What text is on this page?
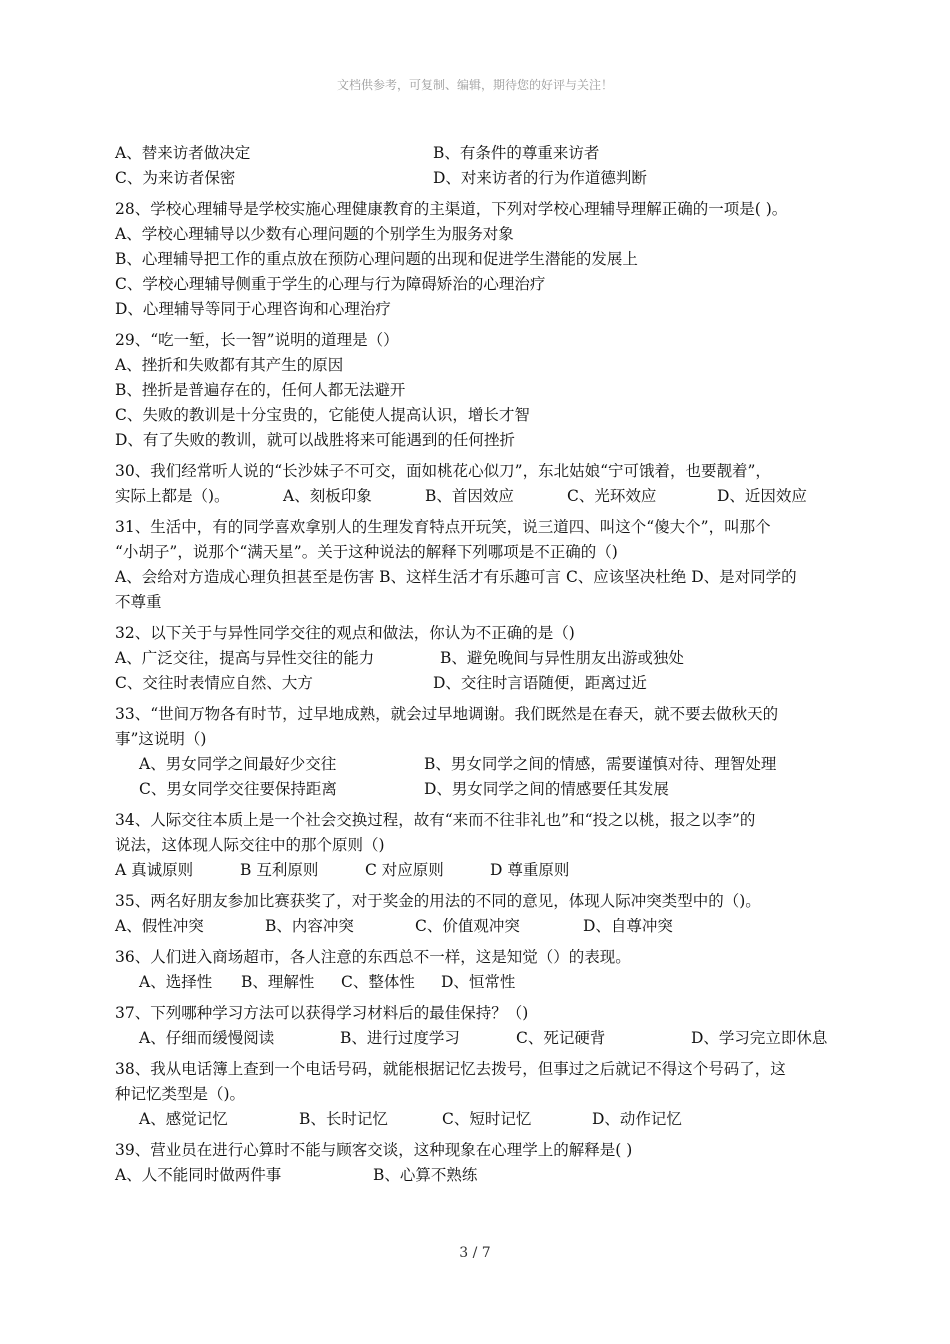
文档供参考，可复制、编辑，期待您的好评与关注！
A、替来访者做决定	B、有条件的尊重来访者
C、为来访者保密	D、对来访者的行为作道德判断
28、学校心理辅导是学校实施心理健康教育的主渠道，下列对学校心理辅导理解正确的一项是( )。
A、学校心理辅导以少数有心理问题的个别学生为服务对象
B、心理辅导把工作的重点放在预防心理问题的出现和促进学生潜能的发展上
C、学校心理辅导侧重于学生的心理与行为障碍矫治的心理治疗
D、心理辅导等同于心理咨询和心理治疗
29、“吃一堑，长一智”说明的道理是（）
A、挫折和失败都有其产生的原因
B、挫折是普遍存在的，任何人都无法避开
C、失败的教训是十分宝贵的，它能使人提高认识，增长才智
D、有了失败的教训，就可以战胜将来可能遇到的任何挫折
30、我们经常听人说的“长沙妹子不可交，面如桃花心似刀”，东北姑娘“宁可饿着，也要靓着”，
实际上都是（)。	A、刻板印象	B、首因效应	C、光环效应	D、近因效应
31、生活中，有的同学喜欢拿别人的生理发育特点开玩笑，说三道四、叫这个“傻大个”，叫那个
“小胡子”，说那个“满天星”。关于这种说法的解释下列哪项是不正确的（)
A、会给对方造成心理负担甚至是伤害 B、这样生活才有乐趣可言 C、应该坚决杜绝 D、是对同学的
不尊重
32、以下关于与异性同学交往的观点和做法，你认为不正确的是（)
A、广泛交往，提高与异性交往的能力	B、避免晚间与异性朋友出游或独处
C、交往时表情应自然、大方	D、交往时言语随便，距离过近
33、“世间万物各有时节，过早地成熟，就会过早地调谢。我们既然是在春天，就不要去做秋天的
事”这说明（)
A、男女同学之间最好少交往	B、男女同学之间的情感，需要谨慎对待、理智处理
C、男女同学交往要保持距离	D、男女同学之间的情感要任其发展
34、人际交往本质上是一个社会交换过程，故有“来而不往非礼也”和“投之以桃，报之以李”的
说法，这体现人际交往中的那个原则（)
A 真诚原则	B 互利原则	C 对应原则	D 尊重原则
35、两名好朋友参加比赛获奖了，对于奖金的用法的不同的意见，体现人际冲突类型中的（)。
A、假性冲突	B、内容冲突	C、价值观冲突	D、自尊冲突
36、人们进入商场超市，各人注意的东西总不一样，这是知觉（）的表现。
A、选择性	B、理解性	C、整体性	D、恒常性
37、下列哪种学习方法可以获得学习材料后的最佳保持？（)
A、仔细而缓慢阅读	B、进行过度学习	C、死记硬背	D、学习完立即休息
38、我从电话簿上查到一个电话号码，就能根据记忆去拨号，但事过之后就记不得这个号码了，这
种记忆类型是（)。
A、感觉记忆	B、长时记忆	C、短时记忆	D、动作记忆
39、营业员在进行心算时不能与顾客交谈，这种现象在心理学上的解释是( )
A、人不能同时做两件事	B、心算不熟练
3 / 7
